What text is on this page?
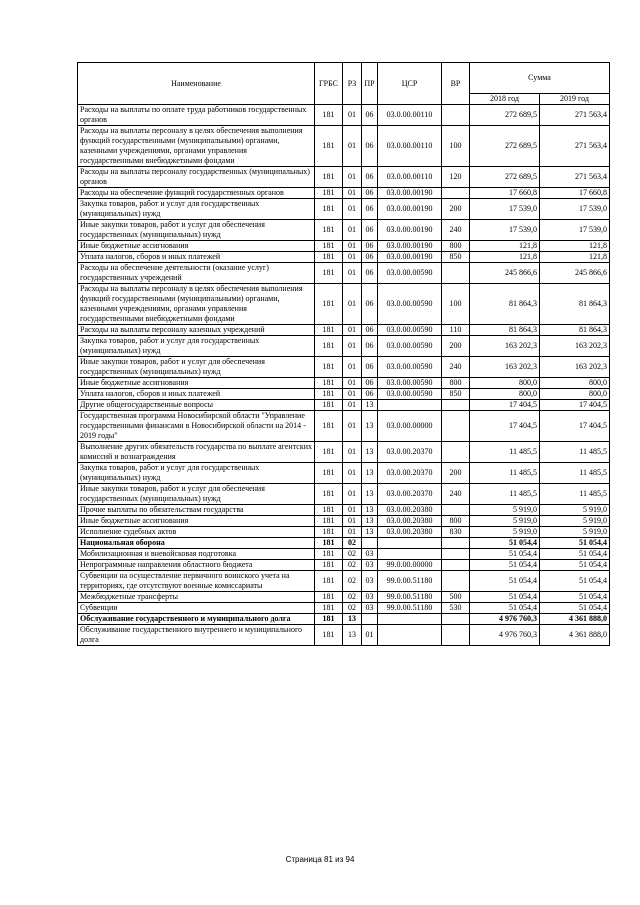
Наименование	ГРБС	РЗ	ПР	ЦСР	ВР	Сумма	
						2018 год	2019 год
Расходы на выплаты по оплате труда работников государственных органов	181	01	06	03.0.00.00110		272 689,5	271 563,4
Расходы на выплаты персоналу в целях обеспечения выполнения функций государственными (муниципальными) органами, казенными учреждениями, органами управления государственными внебюджетными фондами	181	01	06	03.0.00.00110	100	272 689,5	271 563,4
Расходы на выплаты персоналу государственных (муниципальных) органов	181	01	06	03.0.00.00110	120	272 689,5	271 563,4
Расходы на обеспечение функций государственных органов	181	01	06	03.0.00.00190		17 660,8	17 660,8
Закупка товаров, работ и услуг для государственных (муниципальных) нужд	181	01	06	03.0.00.00190	200	17 539,0	17 539,0
Иные закупки товаров, работ и услуг для обеспечения государственных (муниципальных) нужд	181	01	06	03.0.00.00190	240	17 539,0	17 539,0
Иные бюджетные ассигнования	181	01	06	03.0.00.00190	800	121,8	121,8
Уплата налогов, сборов и иных платежей	181	01	06	03.0.00.00190	850	121,8	121,8
Расходы на обеспечение деятельности (оказание услуг) государственных учреждений	181	01	06	03.0.00.00590		245 866,6	245 866,6
Расходы на выплаты персоналу в целях обеспечения выполнения функций государственными (муниципальными) органами, казенными учреждениями, органами управления государственными внебюджетными фондами	181	01	06	03.0.00.00590	100	81 864,3	81 864,3
Расходы на выплаты персоналу казенных учреждений	181	01	06	03.0.00.00590	110	81 864,3	81 864,3
Закупка товаров, работ и услуг для государственных (муниципальных) нужд	181	01	06	03.0.00.00590	200	163 202,3	163 202,3
Иные закупки товаров, работ и услуг для обеспечения государственных (муниципальных) нужд	181	01	06	03.0.00.00590	240	163 202,3	163 202,3
Иные бюджетные ассигнования	181	01	06	03.0.00.00590	800	800,0	800,0
Уплата налогов, сборов и иных платежей	181	01	06	03.0.00.00590	850	800,0	800,0
Другие общегосударственные вопросы	181	01	13			17 404,5	17 404,5
Государственная программа Новосибирской области "Управление государственными финансами в Новосибирской области на 2014 - 2019 годы"	181	01	13	03.0.00.00000		17 404,5	17 404,5
Выполнение других обязательств государства по выплате агентских комиссий и вознаграждения	181	01	13	03.0.00.20370		11 485,5	11 485,5
Закупка товаров, работ и услуг для государственных (муниципальных) нужд	181	01	13	03.0.00.20370	200	11 485,5	11 485,5
Иные закупки товаров, работ и услуг для обеспечения государственных (муниципальных) нужд	181	01	13	03.0.00.20370	240	11 485,5	11 485,5
Прочие выплаты по обязательствам государства	181	01	13	03.0.00.20380		5 919,0	5 919,0
Иные бюджетные ассигнования	181	01	13	03.0.00.20380	800	5 919,0	5 919,0
Исполнение судебных актов	181	01	13	03.0.00.20380	830	5 919,0	5 919,0
Национальная оборона	181	02				51 054,4	51 054,4
Мобилизационная и вневойсковая подготовка	181	02	03			51 054,4	51 054,4
Непрограммные направления областного бюджета	181	02	03	99.0.00.00000		51 054,4	51 054,4
Субвенции на осуществление первичного воинского учета на территориях, где отсутствуют военные комиссариаты	181	02	03	99.0.00.51180		51 054,4	51 054,4
Межбюджетные трансферты	181	02	03	99.0.00.51180	500	51 054,4	51 054,4
Субвенции	181	02	03	99.0.00.51180	530	51 054,4	51 054,4
Обслуживание государственного и муниципального долга	181	13				4 976 760,3	4 361 888,0
Обслуживание государственного внутреннего и муниципального долга	181	13	01			4 976 760,3	4 361 888,0
Страница 81 из 94
